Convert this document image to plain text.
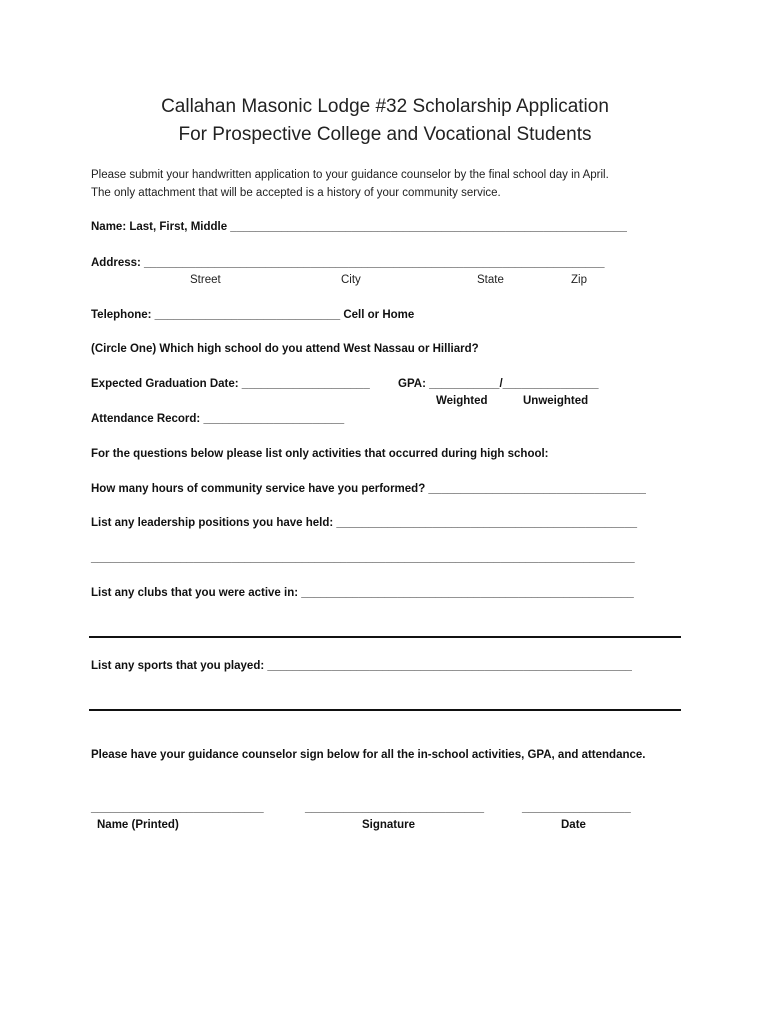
Callahan Masonic Lodge #32 Scholarship Application
For Prospective College and Vocational Students
Please submit your handwritten application to your guidance counselor by the final school day in April.
The only attachment that will be accepted is a history of your community service.
Name: Last, First, Middle ______________________________________________________________
Address: ________________________________________________________________________
Street	City	State	Zip
Telephone: _____________________________ Cell or Home
(Circle One) Which high school do you attend West Nassau or Hilliard?
Expected Graduation Date: ____________________ GPA: ___________/_______________
Weighted	Unweighted
Attendance Record: ______________________
For the questions below please list only activities that occurred during high school:
How many hours of community service have you performed? __________________________________
List any leadership positions you have held: _______________________________________________
_____________________________________________________________________________________
List any clubs that you were active in: ____________________________________________________
List any sports that you played: _________________________________________________________
Please have your guidance counselor sign below for all the in-school activities, GPA, and attendance.
___________________________	____________________________	_________________
Name (Printed)	Signature	Date
